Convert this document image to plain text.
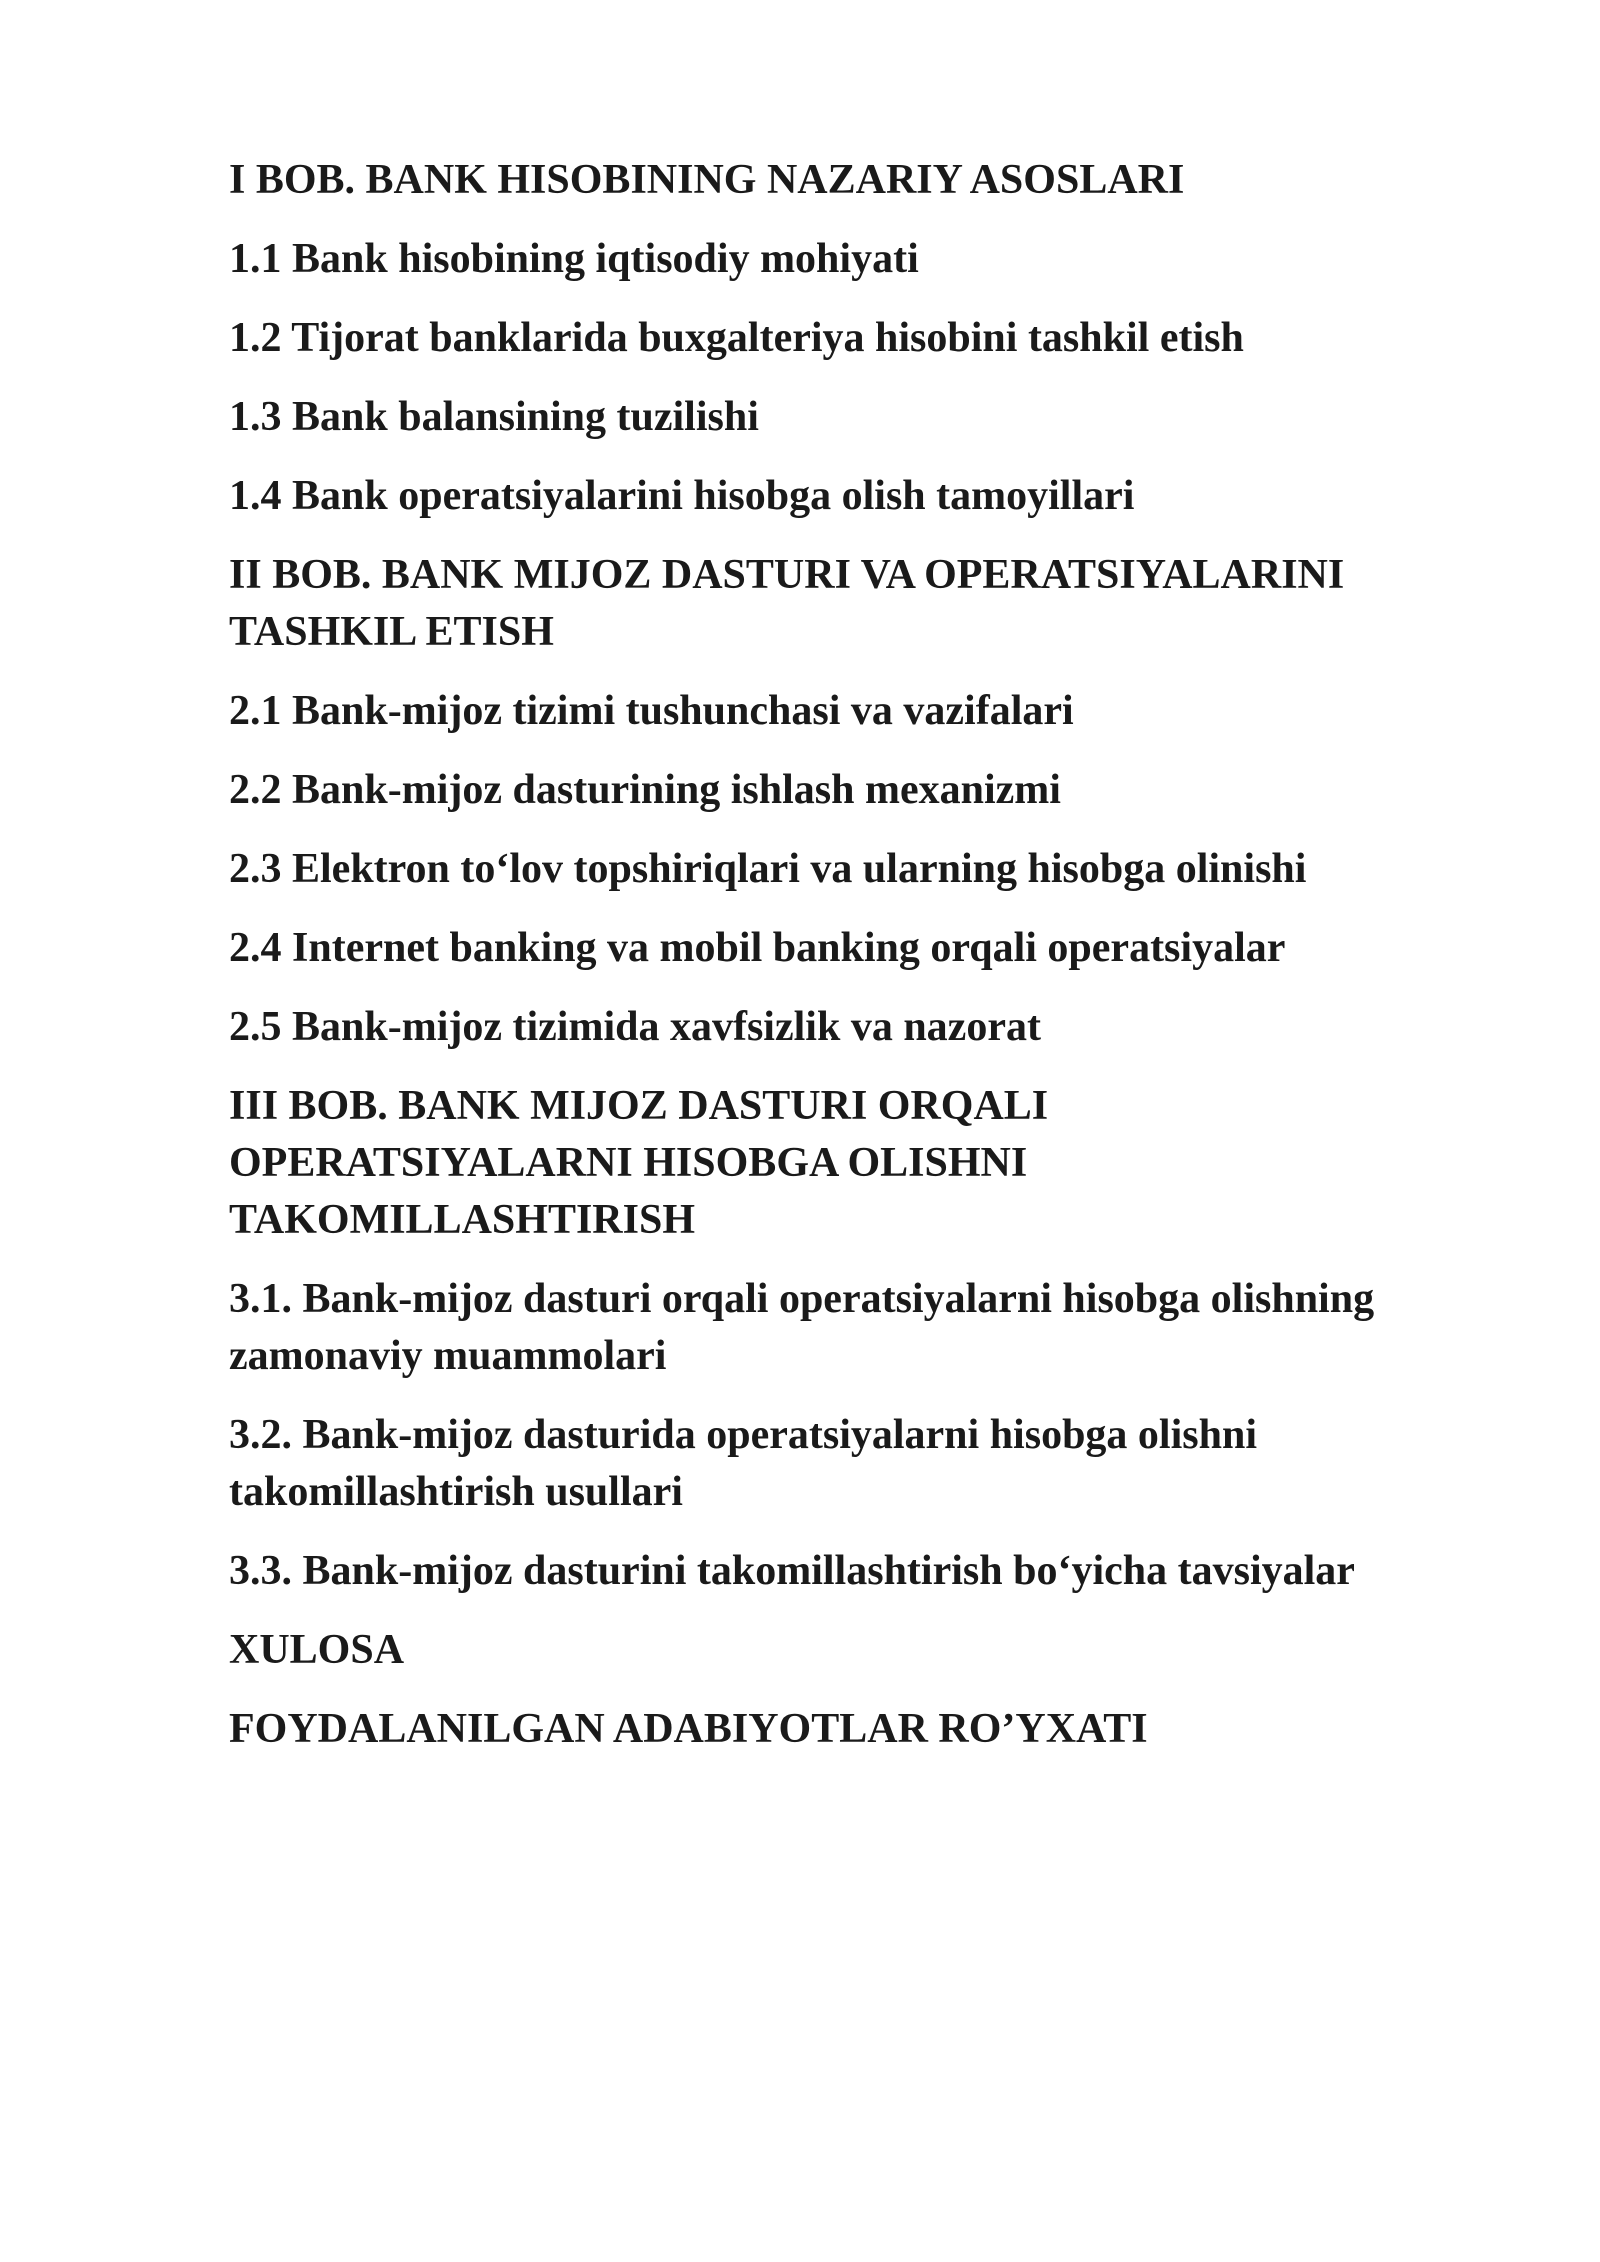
I BOB. BANK HISOBINING NAZARIY ASOSLARI

1.1 Bank hisobining iqtisodiy mohiyati

1.2 Tijorat banklarida buxgalteriya hisobini tashkil etish

1.3 Bank balansining tuzilishi

1.4 Bank operatsiyalarini hisobga olish tamoyillari

II BOB. BANK MIJOZ DASTURI VA OPERATSIYALARINI TASHKIL ETISH

2.1 Bank-mijoz tizimi tushunchasi va vazifalari

2.2 Bank-mijoz dasturining ishlash mexanizmi

2.3 Elektron to‘lov topshiriqlari va ularning hisobga olinishi

2.4 Internet banking va mobil banking orqali operatsiyalar

2.5 Bank-mijoz tizimida xavfsizlik va nazorat

III BOB. BANK MIJOZ DASTURI ORQALI OPERATSIYALARNI HISOBGA OLISHNI TAKOMILLASHTIRISH

3.1. Bank-mijoz dasturi orqali operatsiyalarni hisobga olishning zamonaviy muammolari

3.2. Bank-mijoz dasturida operatsiyalarni hisobga olishni takomillashtirish usullari

3.3. Bank-mijoz dasturini takomillashtirish bo‘yicha tavsiyalar

XULOSA

FOYDALANILGAN ADABIYOTLAR RO’YXATI
